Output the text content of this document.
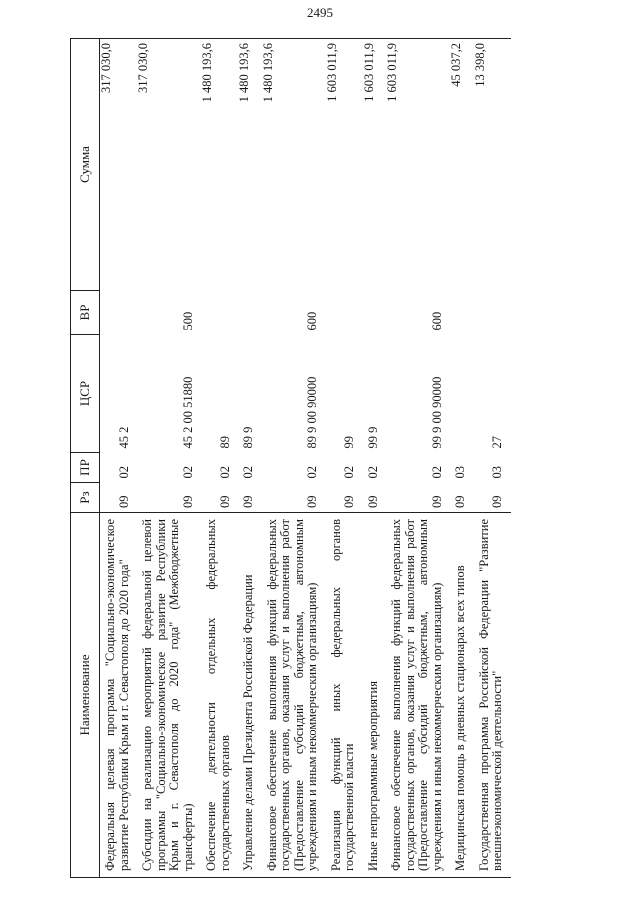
2495
Наименование	Рз	ПР	ЦСР	ВР	Сумма

Федеральная целевая программа "Социально-экономическое развитие Республики Крым и г. Севастополя до 2020 года"	09	02	45 2		317 030,0

Субсидии на реализацию мероприятий федеральной целевой программы "Социально-экономическое развитие Республики Крым и г. Севастополя до 2020 года" (Межбюджетные трансферты)	09	02	45 2 00 51880	500	317 030,0

Обеспечение деятельности отдельных федеральных государственных органов	09	02	89		1 480 193,6

Управление делами Президента Российской Федерации	09	02	89 9		1 480 193,6

Финансовое обеспечение выполнения функций федеральных государственных органов, оказания услуг и выполнения работ (Предоставление субсидий бюджетным, автономным учреждениям и иным некоммерческим организациям)	09	02	89 9 00 90000	600	1 480 193,6

Реализация функций иных федеральных органов государственной власти	09	02	99		1 603 011,9

Иные непрограммные мероприятия	09	02	99 9		1 603 011,9

Финансовое обеспечение выполнения функций федеральных государственных органов, оказания услуг и выполнения работ (Предоставление субсидий бюджетным, автономным учреждениям и иным некоммерческим организациям)	09	02	99 9 00 90000	600	1 603 011,9

Медицинская помощь в дневных стационарах всех типов	09	03			45 037,2

Государственная программа Российской Федерации "Развитие внешнеэкономической деятельности"	09	03	27		13 398,0
